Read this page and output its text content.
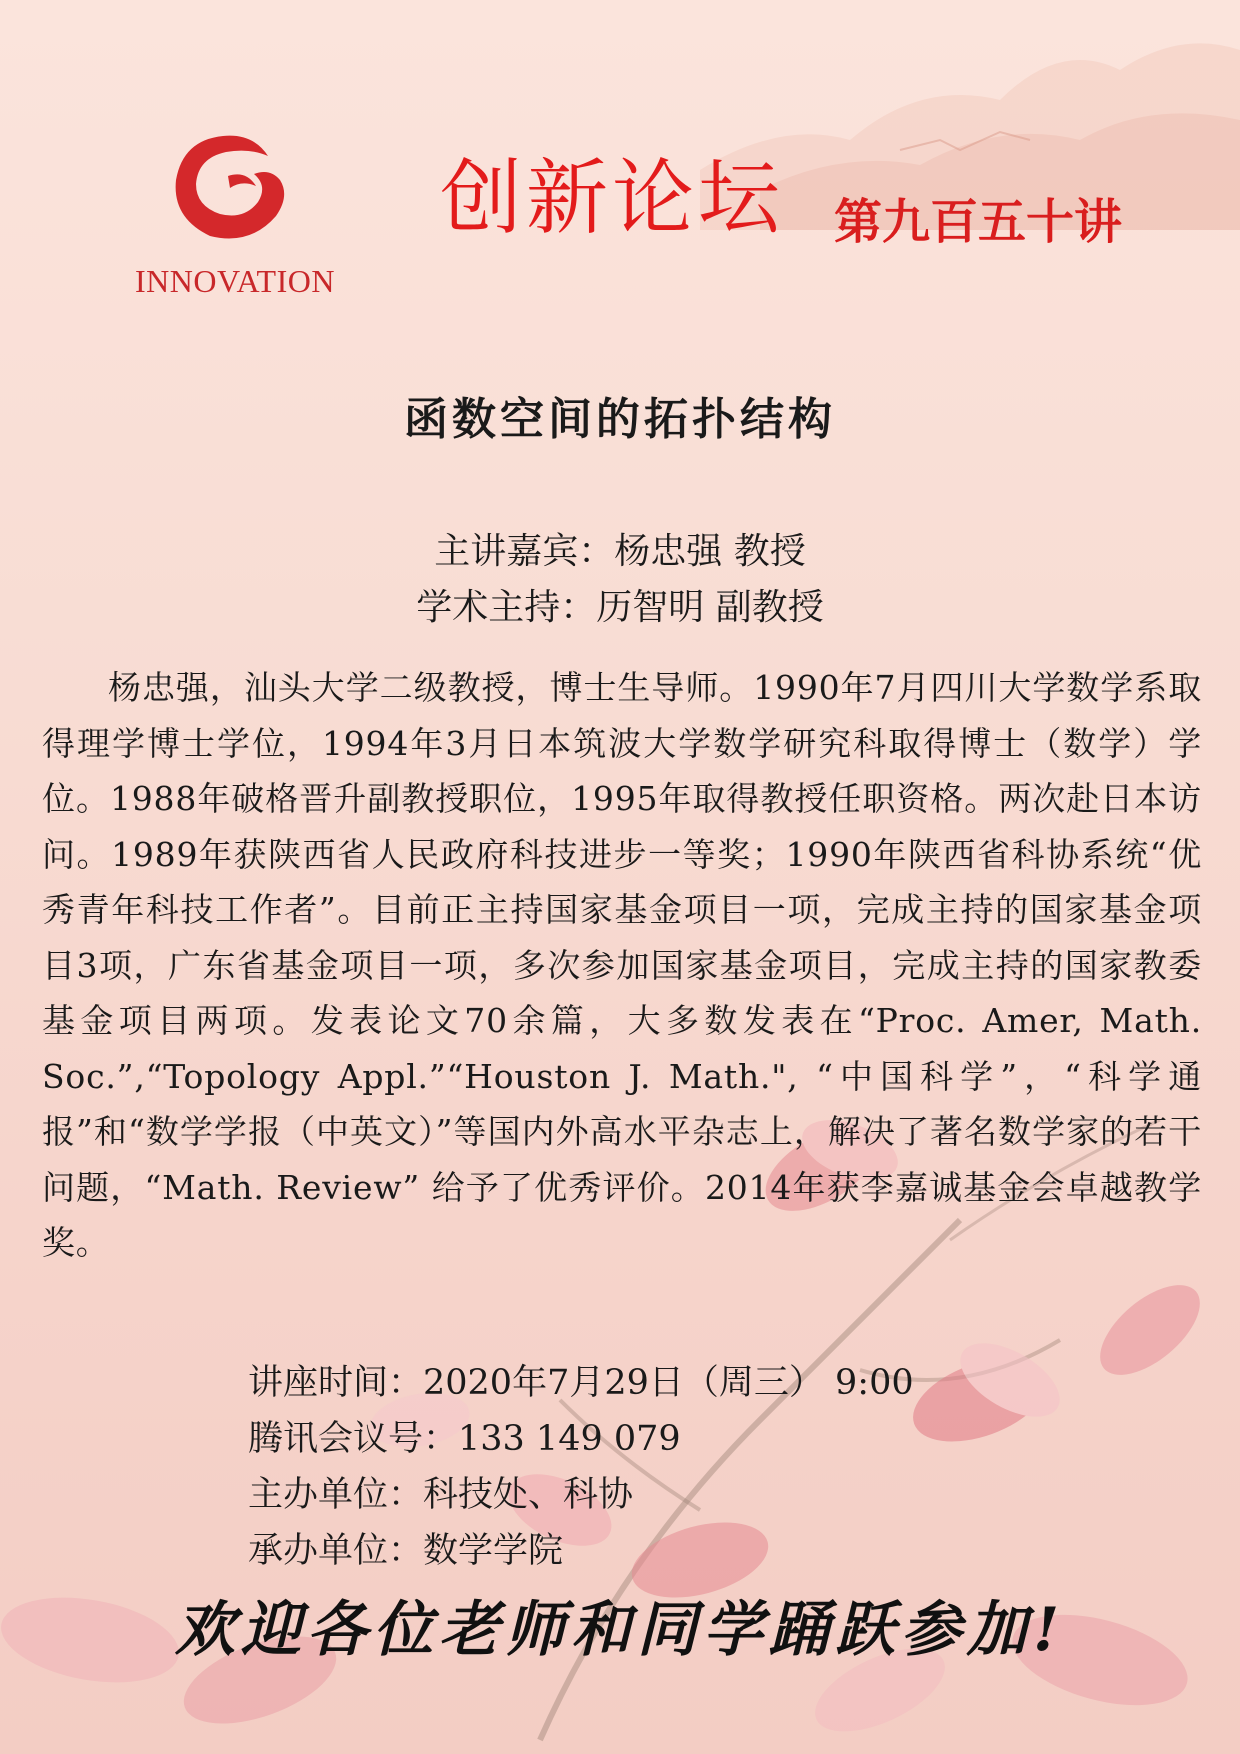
INNOVATION
创新论坛 第九百五十讲
函数空间的拓扑结构
主讲嘉宾：杨忠强 教授
学术主持：历智明 副教授
杨忠强，汕头大学二级教授，博士生导师。1990年7月四川大学数学系取得理学博士学位，1994年3月日本筑波大学数学研究科取得博士（数学）学位。1988年破格晋升副教授职位，1995年取得教授任职资格。两次赴日本访问。1989年获陕西省人民政府科技进步一等奖；1990年陕西省科协系统“优秀青年科技工作者”。目前正主持国家基金项目一项，完成主持的国家基金项目3项，广东省基金项目一项，多次参加国家基金项目，完成主持的国家教委基金项目两项。发表论文70余篇，大多数发表在“Proc. Amer, Math. Soc.”,“Topology Appl.”“Houston J. Math.", “中国科学”，“科学通报”和“数学学报（中英文）”等国内外高水平杂志上，解决了著名数学家的若干问题，“Math. Review” 给予了优秀评价。2014年获李嘉诚基金会卓越教学奖。
讲座时间：2020年7月29日（周三） 9:00
腾讯会议号：133 149 079
主办单位：科技处、科协
承办单位：数学学院
欢迎各位老师和同学踊跃参加!
